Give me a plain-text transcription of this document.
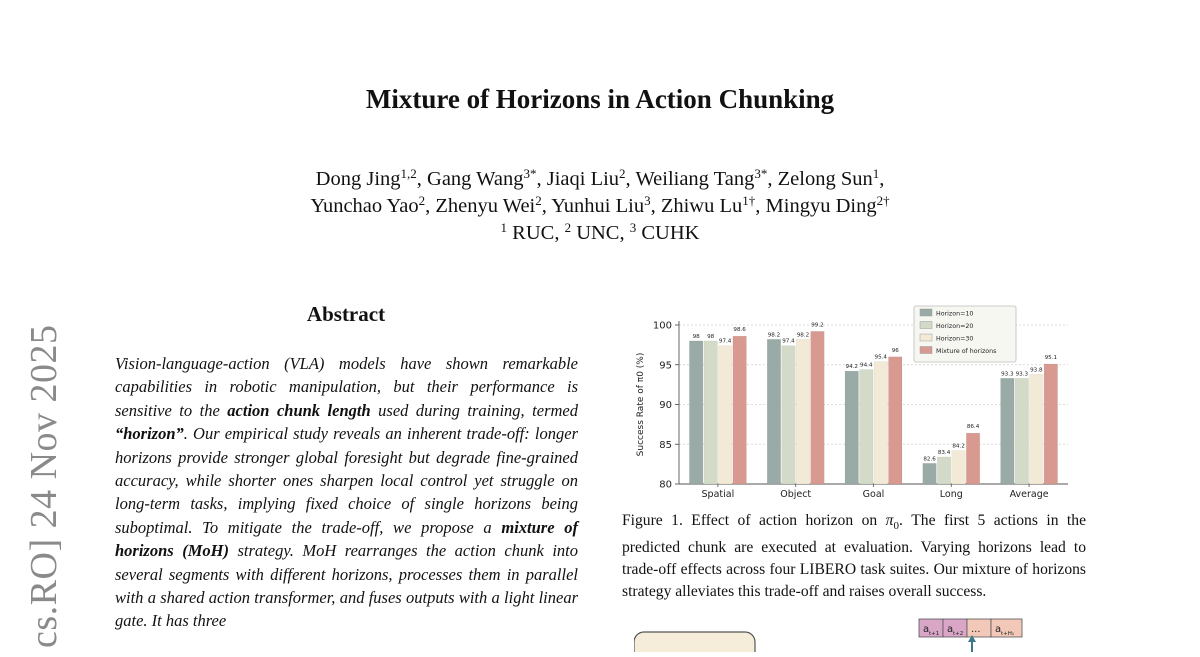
cs.RO] 24 Nov 2025
Mixture of Horizons in Action Chunking
Dong Jing$^{1,2}$, Gang Wang$^{3*}$, Jiaqi Liu$^2$, Weiliang Tang$^{3*}$, Zelong Sun$^1$,
Yunchao Yao$^2$, Zhenyu Wei$^2$, Yunhui Liu$^3$, Zhiwu $Lu^{1\dagger}$, Mingyu Ding$^{2\dagger}$
$^1$ RUC, $^2$ UNC, $^3$ CUHK
Abstract
Vision-language-action (VLA) models have shown remarkable capabilities in robotic manipulation, but their performance is sensitive to the action chunk length used during training, termed “horizon”. Our empirical study reveals an inherent trade-off: longer horizons provide stronger global foresight but degrade fine-grained accuracy, while shorter ones sharpen local control yet struggle on long-term tasks, implying fixed choice of single horizons being suboptimal. To mitigate the trade-off, we propose a mixture of horizons (MoH) strategy. MoH rearranges the action chunk into several segments with different horizons, processes them in parallel with a shared action transformer, and fuses outputs with a light linear gate. It has three
80
85
90
95
100
Success Rate of π0 (%)
Spatial
98 98
97.4
98.6
Object
98.2
97.4
98.2
99.2
Goal
94.2 94.4
95.4
96
Long
82.6
83.4
84.2
86.4
Average
93.3 93.3
93.8
95.1
Horizon=10
Horizon=20
Horizon=30
Mixture of horizons
Figure 1. Effect of action horizon on $\pi_0$. The first 5 actions in the predicted chunk are executed at evaluation. Varying horizons lead to trade-off effects across four LIBERO task suites. Our mixture of horizons strategy alleviates this trade-off and raises overall success.
a t+1 a t+2 ... a t+H₁
